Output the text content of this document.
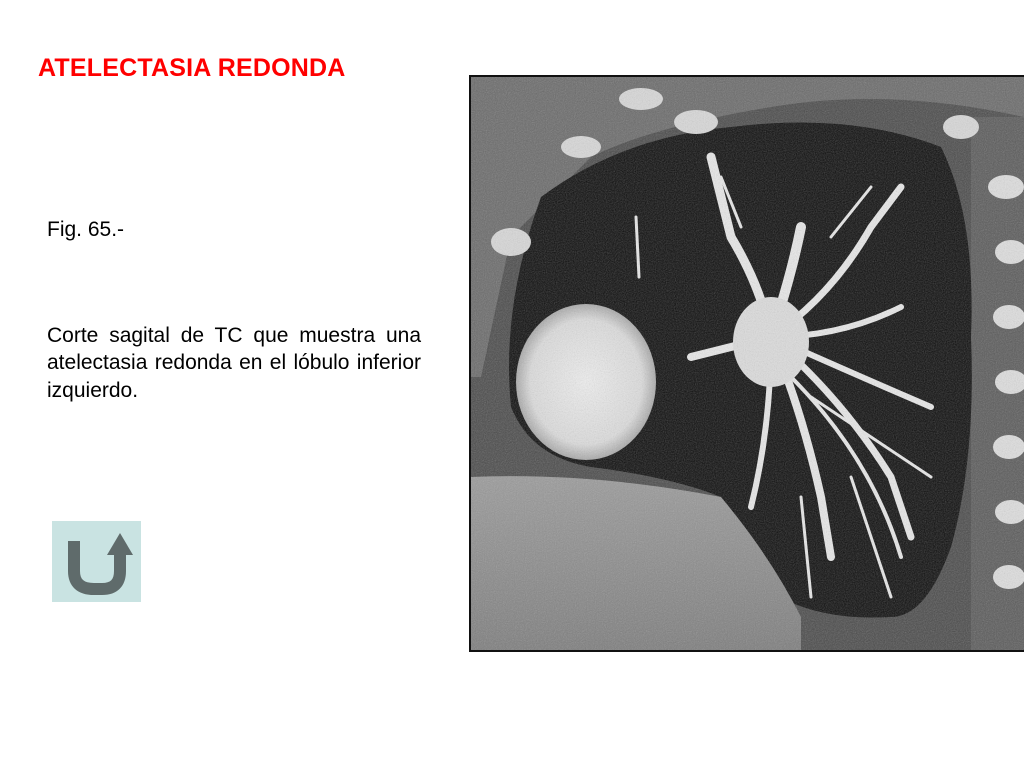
ATELECTASIA REDONDA
Fig. 65.-
Corte sagital de TC que muestra una atelectasia redonda en el lóbulo inferior izquierdo.
